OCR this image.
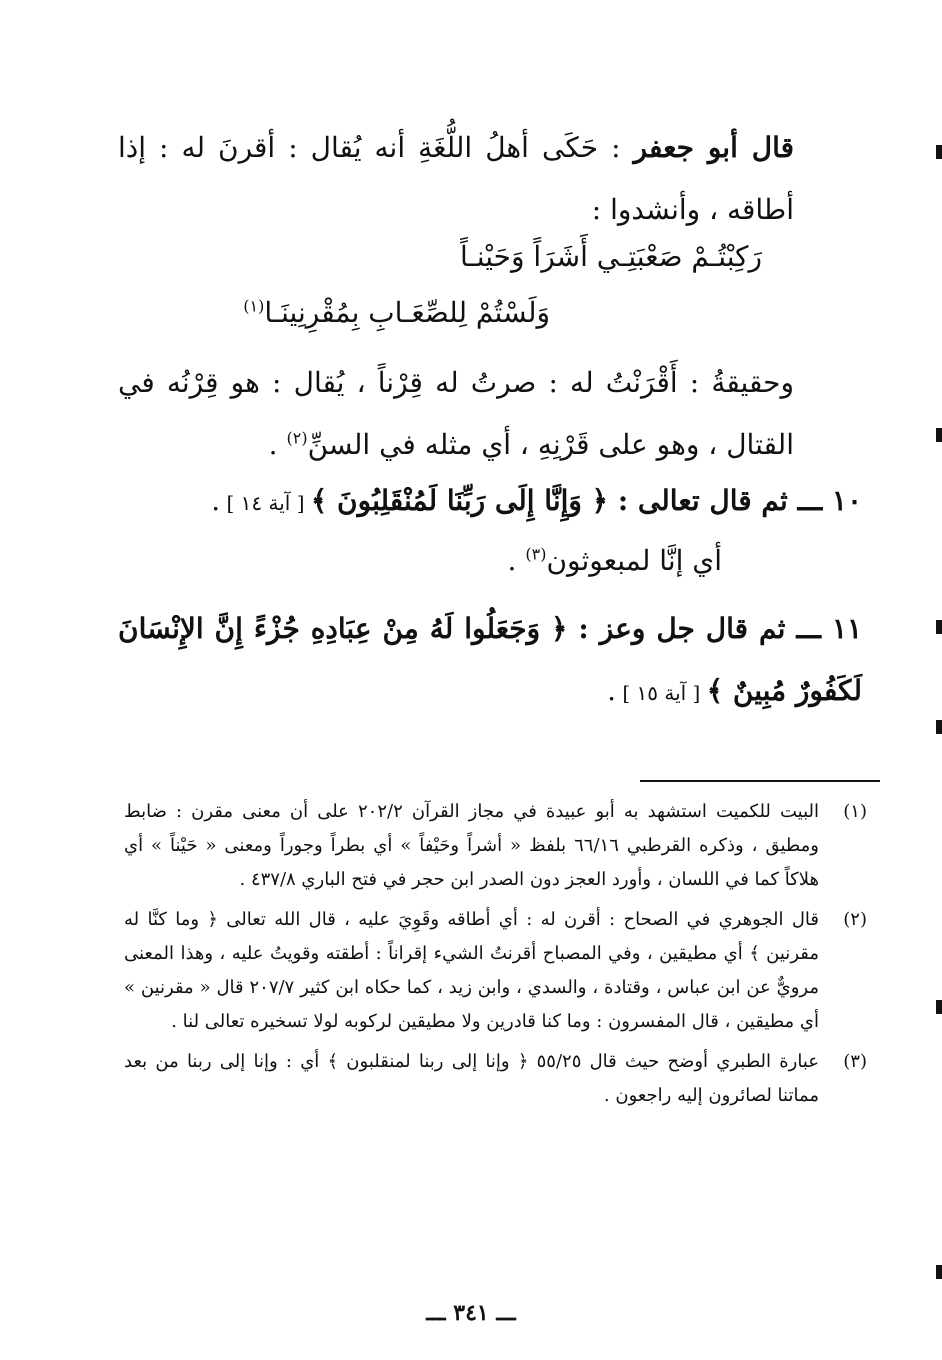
قال أبو جعفر : حَكَى أهلُ اللُّغَةِ أنه يُقال : أقرنَ له : إذا أطاقه ، وأنشدوا :

رَكِبْتُـمْ صَعْبَتِـي أَشَرَاً وَحَيْنـاً
وَلَسْتُمْ لِلصِّعَـابِ بِمُقْرِنِينَـا$^{(١)}$

وحقيقةُ : أَقْرَنْتُ له : صرتُ له قِرْناً ، يُقال : هو قِرْنُه في القتال ، وهو على قَرْنِهِ ، أي مثله في السنِّ$^{(٢)}$ .

١٠ ـــ ثم قال تعالى : ﴿ وَإِنَّا إِلَى رَبِّنَا لَمُنْقَلِبُونَ ﴾ [ آية ١٤ ] .

أي إنَّا لمبعوثون$^{(٣)}$ .

١١ ـــ ثم قال جل وعز : ﴿ وَجَعَلُوا لَهُ مِنْ عِبَادِهِ جُزْءً إِنَّ الإِنْسَانَ لَكَفُورٌ مُبِينٌ ﴾ [ آية ١٥ ] .

(١)
البيت للكميت استشهد به أبو عبيدة في مجاز القرآن ٢٠٢/٢ على أن معنى مقرن : ضابط ومطيق ، وذكره القرطبي ٦٦/١٦ بلفظ « أشراً وحَيْفاً » أي بطراً وجوراً ومعنى « حَيْناً » أي هلاكاً كما في اللسان ، وأورد العجز دون الصدر ابن حجر في فتح الباري ٤٣٧/٨ .
(٢)
قال الجوهري في الصحاح : أقرن له : أي أطاقه وقَوِيَ عليه ، قال الله تعالى ﴿ وما كنَّا له مقرنين ﴾ أي مطيقين ، وفي المصباح أقرنتُ الشيء إقراناً : أطقته وقويتُ عليه ، وهذا المعنى مرويٌّ عن ابن عباس ، وقتادة ، والسدي ، وابن زيد ، كما حكاه ابن كثير ٢٠٧/٧ قال « مقرنين » أي مطيقين ، قال المفسرون : وما كنا قادرين ولا مطيقين لركوبه لولا تسخيره تعالى لنا .
(٣)
عبارة الطبري أوضح حيث قال ٥٥/٢٥ ﴿ وإنا إلى ربنا لمنقلبون ﴾ أي : وإنا إلى ربنا من بعد مماتنا لصائرون إليه راجعون .
ـــ ٣٤١ ـــ
